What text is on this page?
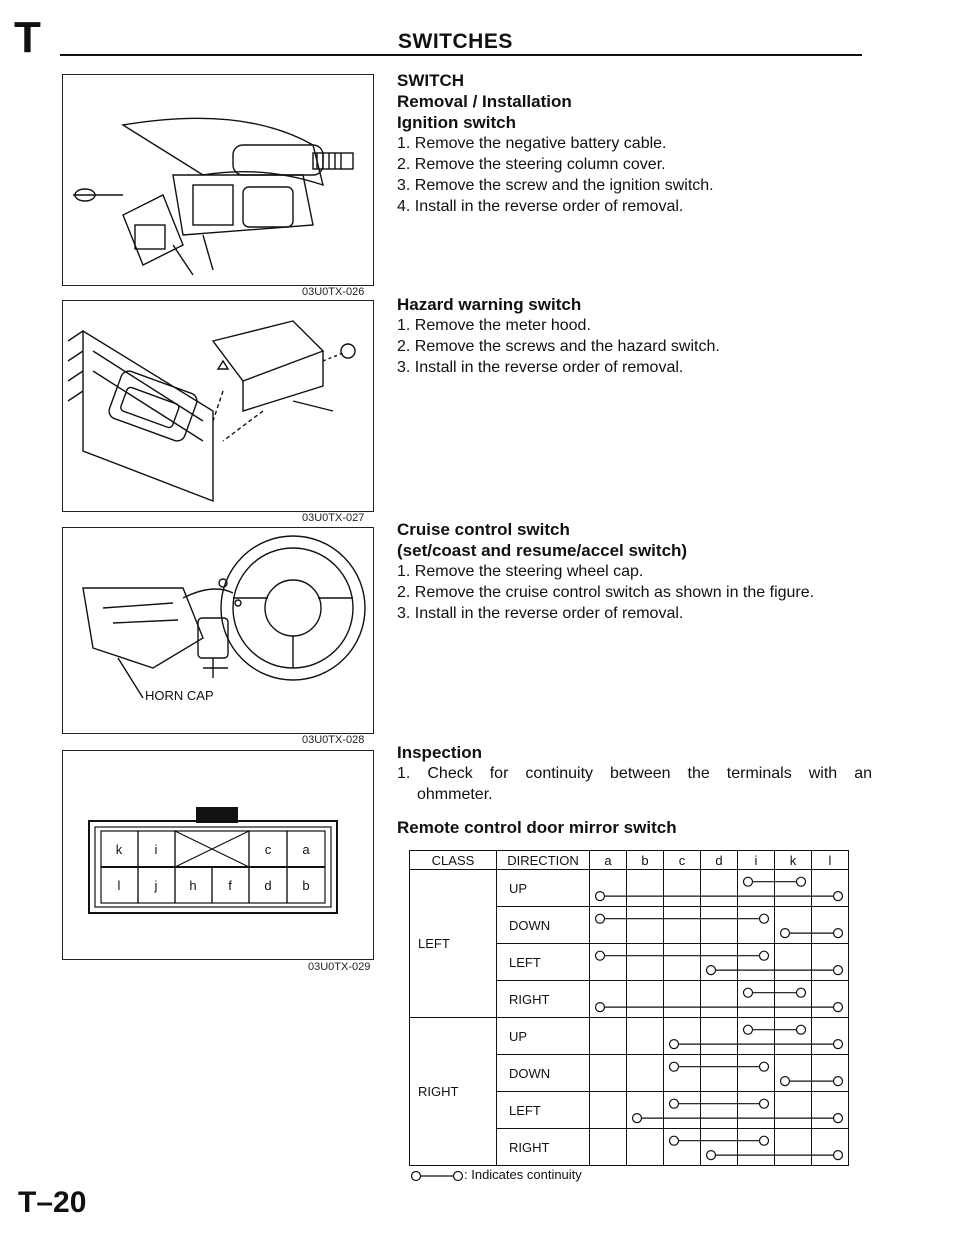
T	SWITCHES
03U0TX-026
03U0TX-027
HORN CAP
03U0TX-028
k i	c a
l	j h f	d b
03U0TX-029
SWITCH
Removal / Installation
Ignition switch
1. Remove the negative battery cable.
2. Remove the steering column cover.
3. Remove the screw and the ignition switch.
4. Install in the reverse order of removal.
Hazard warning switch
1. Remove the meter hood.
2. Remove the screws and the hazard switch.
3. Install in the reverse order of removal.
Cruise control switch
(set/coast and resume/accel switch)
1. Remove the steering wheel cap.
2. Remove the cruise control switch as shown in the figure.
3. Install in the reverse order of removal.
Inspection
1. Check for continuity between the terminals with an
ohmmeter.
Remote control door mirror switch
CLASS	DIRECTION	a	b	c	d	i	k	l
LEFT	UP							
	DOWN							
	LEFT							
	RIGHT							
RIGHT	UP							
	DOWN							
	LEFT							
	RIGHT							
: Indicates continuity
T–20
